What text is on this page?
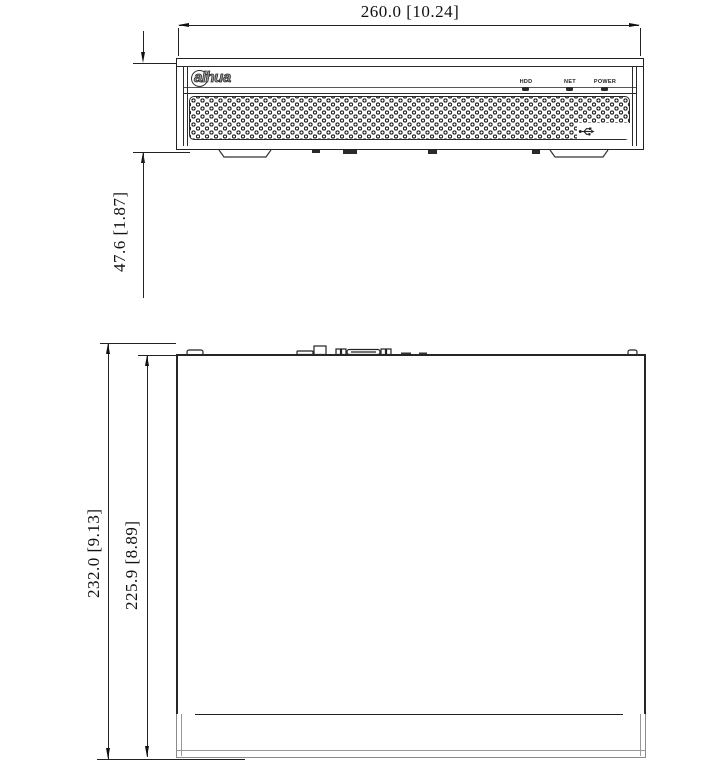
260.0 [10.24]
47.6 [1.87]
alhua	HDD	NET	POWER
232.0 [9.13] 225.9 [8.89]
